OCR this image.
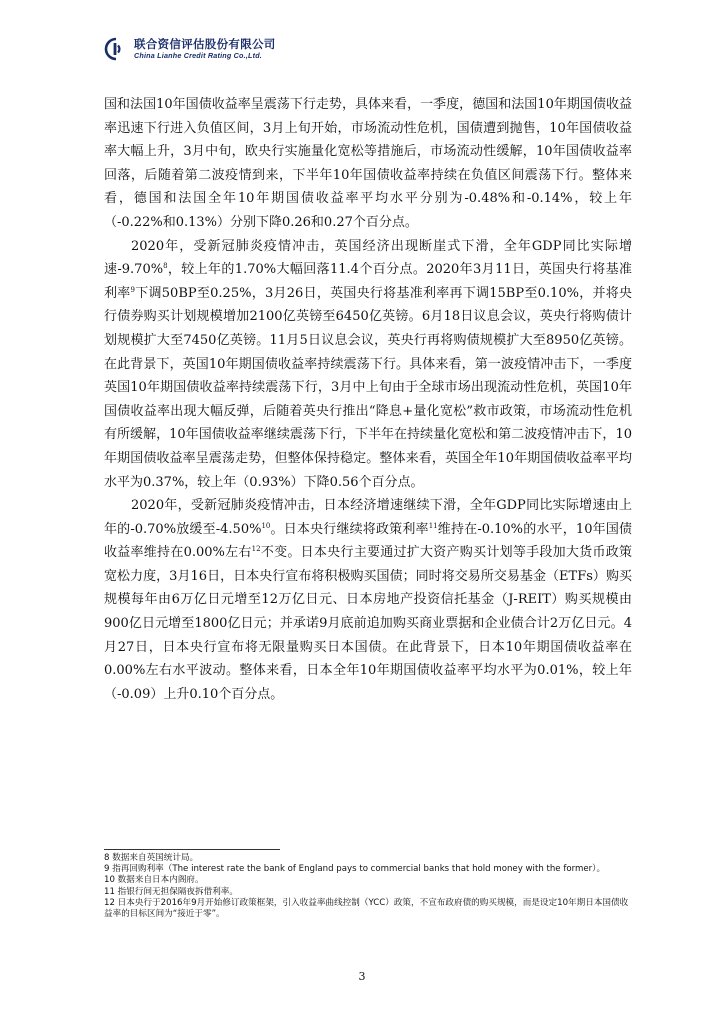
联合资信评估股份有限公司
China Lianhe Credit Rating Co.,Ltd.

国和法国10年国债收益率呈震荡下行走势，具体来看，一季度，德国和法国10年期国债收益率迅速下行进入负值区间，3月上旬开始，市场流动性危机，国债遭到抛售，10年国债收益率大幅上升，3月中旬，欧央行实施量化宽松等措施后，市场流动性缓解，10年国债收益率回落，后随着第二波疫情到来，下半年10年国债收益率持续在负值区间震荡下行。整体来看，德国和法国全年10年期国债收益率平均水平分别为-0.48%和-0.14%，较上年（-0.22%和0.13%）分别下降0.26和0.27个百分点。

2020年，受新冠肺炎疫情冲击，英国经济出现断崖式下滑，全年GDP同比实际增速-9.70%$^8$，较上年的1.70%大幅回落11.4个百分点。2020年3月11日，英国央行将基准利率$^9$下调50BP至0.25%，3月26日，英国央行将基准利率再下调15BP至0.10%，并将央行债券购买计划规模增加2100亿英镑至6450亿英镑。6月18日议息会议，英央行将购债计划规模扩大至7450亿英镑。11月5日议息会议，英央行再将购债规模扩大至8950亿英镑。在此背景下，英国10年期国债收益率持续震荡下行。具体来看，第一波疫情冲击下，一季度英国10年期国债收益率持续震荡下行，3月中上旬由于全球市场出现流动性危机，英国10年国债收益率出现大幅反弹，后随着英央行推出“降息+量化宽松”救市政策，市场流动性危机有所缓解，10年国债收益率继续震荡下行，下半年在持续量化宽松和第二波疫情冲击下，10年期国债收益率呈震荡走势，但整体保持稳定。整体来看，英国全年10年期国债收益率平均水平为0.37%，较上年（0.93%）下降0.56个百分点。

2020年，受新冠肺炎疫情冲击，日本经济增速继续下滑，全年GDP同比实际增速由上年的-0.70%放缓至-4.50%$^{10}$。日本央行继续将政策利率$^{11}$维持在-0.10%的水平，10年国债收益率维持在0.00%左右$^{12}$不变。日本央行主要通过扩大资产购买计划等手段加大货币政策宽松力度，3月16日，日本央行宣布将积极购买国债；同时将交易所交易基金（ETFs）购买规模每年由6万亿日元增至12万亿日元、日本房地产投资信托基金（J-REIT）购买规模由900亿日元增至1800亿日元；并承诺9月底前追加购买商业票据和企业债合计2万亿日元。4月27日，日本央行宣布将无限量购买日本国债。在此背景下，日本10年期国债收益率在0.00%左右水平波动。整体来看，日本全年10年期国债收益率平均水平为0.01%，较上年（-0.09）上升0.10个百分点。

8 数据来自英国统计局。

9 指再回购利率（The interest rate the bank of England pays to commercial banks that hold money with the former）。

10 数据来自日本内阁府。

11 指银行间无担保隔夜拆借利率。

12 日本央行于2016年9月开始修订政策框架，引入收益率曲线控制（YCC）政策，不宣布政府债的购买规模，而是设定10年期日本国债收益率的目标区间为“接近于零”。

3
